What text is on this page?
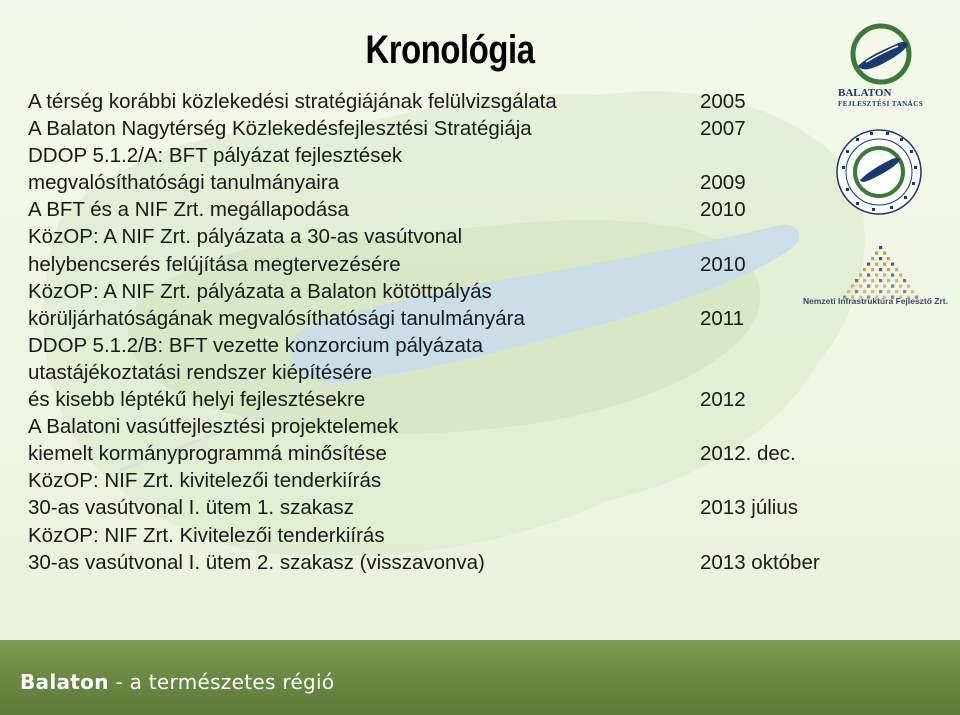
Kronológia
A térség korábbi közlekedési stratégiájának felülvizsgálata	2005
A Balaton Nagytérség Közlekedésfejlesztési Stratégiája	2007
DDOP 5.1.2/A: BFT pályázat fejlesztések
megvalósíthatósági tanulmányaira	2009
A BFT és a NIF Zrt. megállapodása	2010
KözOP: A NIF Zrt. pályázata a 30-as vasútvonal
helybencserés felújítása megtervezésére	2010
KözOP: A NIF Zrt. pályázata a Balaton kötöttpályás
körüljárhatóságának megvalósíthatósági tanulmányára	2011
DDOP 5.1.2/B: BFT vezette konzorcium pályázata
utastájékoztatási rendszer kiépítésére
és kisebb léptékű helyi fejlesztésekre	2012
A Balatoni vasútfejlesztési projektelemek
kiemelt kormányprogrammá minősítése	2012. dec.
KözOP: NIF Zrt. kivitelezői tenderkiírás
30-as vasútvonal I. ütem 1. szakasz	2013 július
KözOP: NIF Zrt. Kivitelezői tenderkiírás
30-as vasútvonal I. ütem 2. szakasz (visszavonva)	2013 október
BALATON
FEJLESZTÉSI TANÁCS
Nemzeti Infrastruktúra Fejlesztő Zrt.
Balaton - a természetes régió
